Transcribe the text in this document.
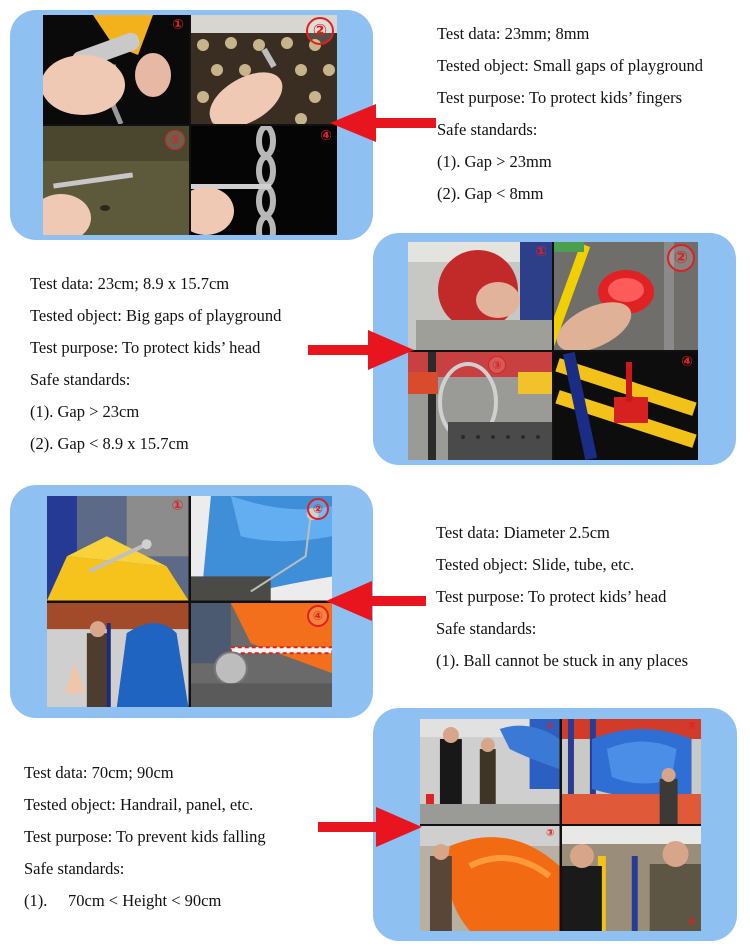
①	②
③	④
Test data: 23mm; 8mm
Tested object: Small gaps of playground
Test purpose: To protect kids’ fingers
Safe standards:
(1). Gap > 23mm
(2). Gap < 8mm
①	②
③	④
Test data: 23cm; 8.9 x 15.7cm
Tested object: Big gaps of playground
Test purpose: To protect kids’ head
Safe standards:
(1). Gap > 23cm
(2). Gap < 8.9 x 15.7cm
①	②
④
Test data: Diameter 2.5cm
Tested object: Slide, tube, etc.
Test purpose: To protect kids’ head
Safe standards:
(1). Ball cannot be stuck in any places
①	②
③
④
Test data: 70cm; 90cm
Tested object: Handrail, panel, etc.
Test purpose: To prevent kids falling
Safe standards:
(1).     70cm < Height < 90cm
